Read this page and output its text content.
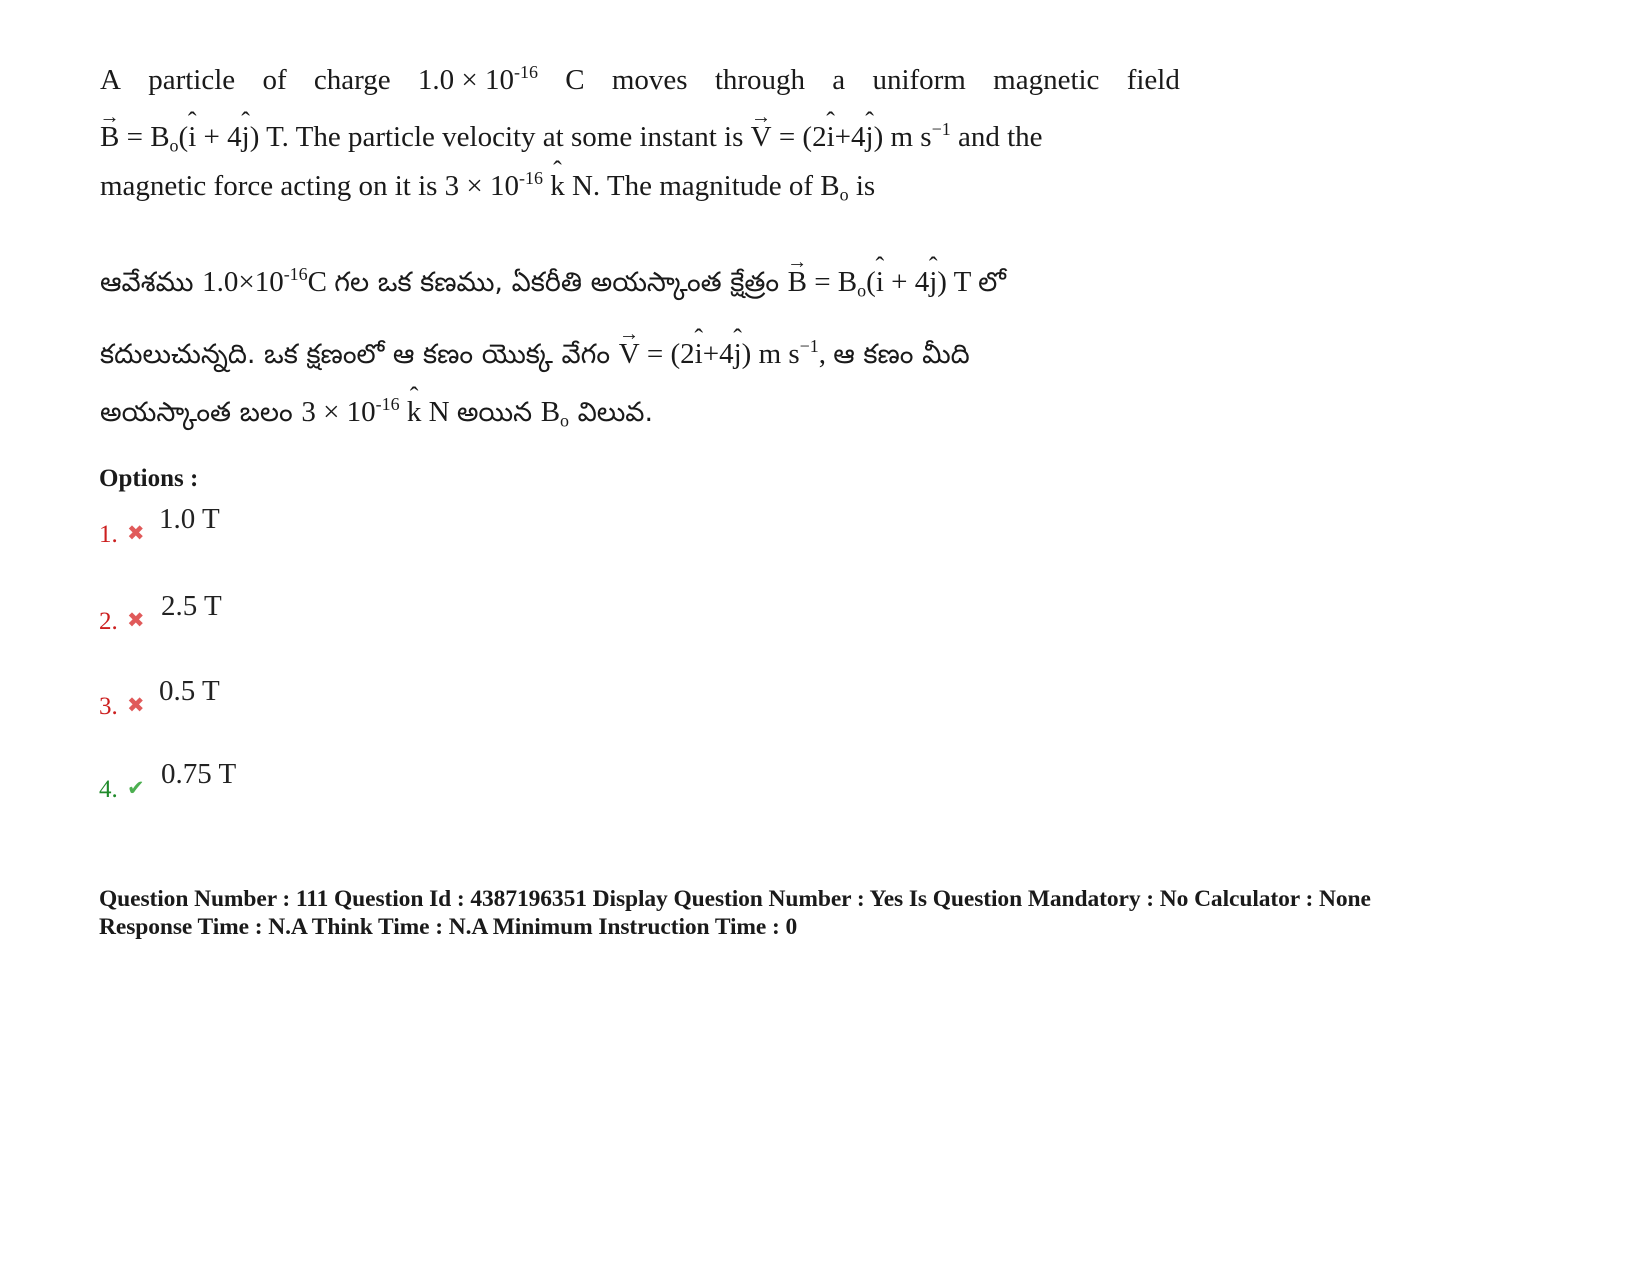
A particle of charge $1.0 \times 10^{-16}$ C moves through a uniform magnetic field
→ $B = B_o(ˆ$ i + 4ˆ j) T. The particle velocity at some instant is → V = (2ˆ i+4ˆ j) m $s^{-1}$ and the
magnetic force acting on it is $3 \times 10^{-16}$ ˆ k N. The magnitude of $B_o$ is
ఆవేశము $1.0\times 10^{-16}C$ గల ఒక కణము, ఏకరీతి అయస్కాంత క్షేత్రం → $B = B_o(ˆ$ i + 4ˆ j) T లో
కదులుచున్నది. ఒక క్షణంలో ఆ కణం యొక్క వేగం → V = (2ˆ i+4ˆ j) m $s^{-1}$, ఆ కణం మీది
అయస్కాంత బలం $3 \times 10^{-16}$ ˆ k N అయిన $B_o$ విలువ.
Options :
1. ✖ 1.0 T
2. ✖ 2.5 T
3. ✖ 0.5 T
4. ✔ 0.75 T
Question Number : 111 Question Id : 4387196351 Display Question Number : Yes Is Question Mandatory : No Calculator : None
Response Time : N.A Think Time : N.A Minimum Instruction Time : 0
